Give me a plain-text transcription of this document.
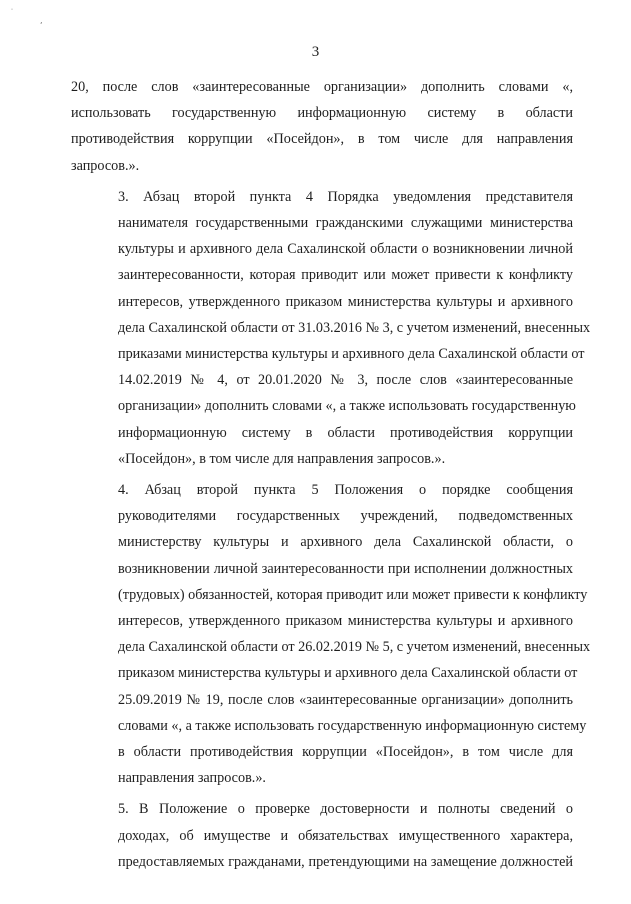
˙
,
3

20, после слов «заинтересованные организации» дополнить словами «,
использовать государственную информационную систему в области
противодействия коррупции «Посейдон», в том числе для направления
запросов.».

3. Абзац второй пункта 4 Порядка уведомления представителя
нанимателя государственными гражданскими служащими министерства
культуры и архивного дела Сахалинской области о возникновении личной
заинтересованности, которая приводит или может привести к конфликту
интересов, утвержденного приказом министерства культуры и архивного
дела Сахалинской области от 31.03.2016 № 3, с учетом изменений, внесенных
приказами министерства культуры и архивного дела Сахалинской области от
14.02.2019 № 4, от 20.01.2020 № 3, после слов «заинтересованные
организации» дополнить словами «, а также использовать государственную
информационную систему в области противодействия коррупции
«Посейдон», в том числе для направления запросов.».

4. Абзац второй пункта 5 Положения о порядке сообщения
руководителями государственных учреждений, подведомственных
министерству культуры и архивного дела Сахалинской области, о
возникновении личной заинтересованности при исполнении должностных
(трудовых) обязанностей, которая приводит или может привести к конфликту
интересов, утвержденного приказом министерства культуры и архивного
дела Сахалинской области от 26.02.2019 № 5, с учетом изменений, внесенных
приказом министерства культуры и архивного дела Сахалинской области от
25.09.2019 № 19, после слов «заинтересованные организации» дополнить
словами «, а также использовать государственную информационную систему
в области противодействия коррупции «Посейдон», в том числе для
направления запросов.».

5. В Положение о проверке достоверности и полноты сведений о
доходах, об имуществе и обязательствах имущественного характера,
предоставляемых гражданами, претендующими на замещение должностей
